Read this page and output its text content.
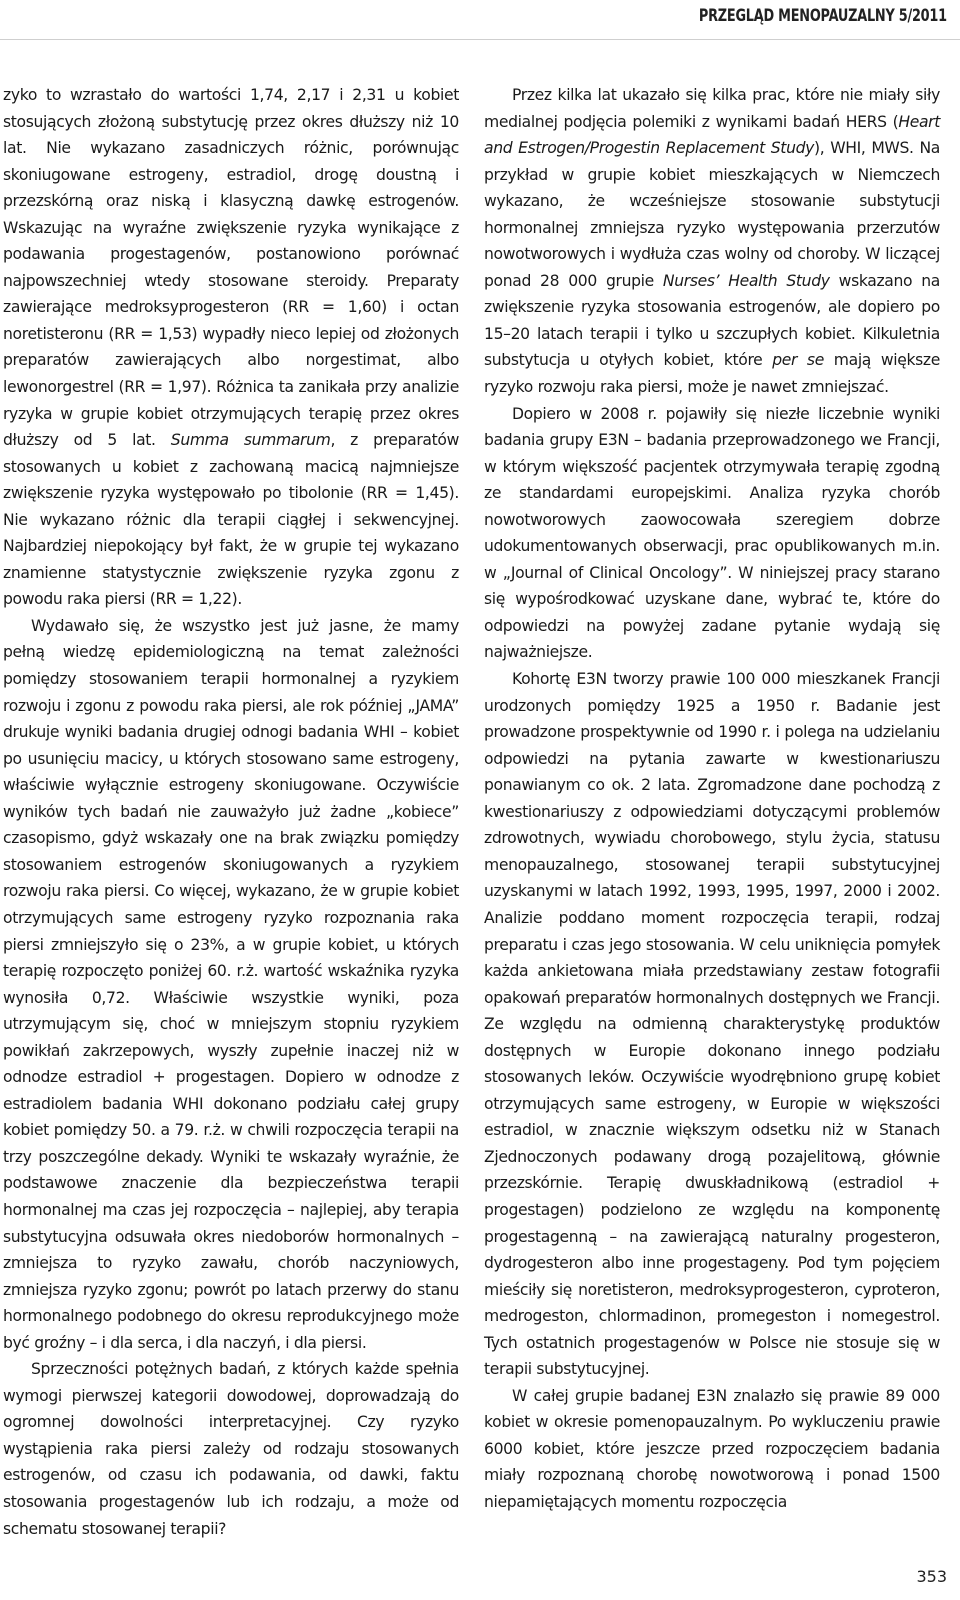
PRZEGLĄD MENOPAUZALNY 5/2011

zyko to wzrastało do wartości 1,74, 2,17 i 2,31 u kobiet stosujących złożoną substytucję przez okres dłuższy niż 10 lat. Nie wykazano zasadniczych różnic, porównując skoniugowane estrogeny, estradiol, drogę doustną i przezskórną oraz niską i klasyczną dawkę estrogenów. Wskazując na wyraźne zwiększenie ryzyka wynikające z podawania progestagenów, postanowiono porównać najpowszechniej wtedy stosowane steroidy. Preparaty zawierające medroksyprogesteron (RR = 1,60) i octan noretisteronu (RR = 1,53) wypadły nieco lepiej od złożonych preparatów zawierających albo norgestimat, albo lewonorgestrel (RR = 1,97). Różnica ta zanikała przy analizie ryzyka w grupie kobiet otrzymujących terapię przez okres dłuższy od 5 lat. Summa summarum, z preparatów stosowanych u kobiet z zachowaną macicą najmniejsze zwiększenie ryzyka występowało po tibolonie (RR = 1,45). Nie wykazano różnic dla terapii ciągłej i sekwencyjnej. Najbardziej niepokojący był fakt, że w grupie tej wykazano znamienne statystycznie zwiększenie ryzyka zgonu z powodu raka piersi (RR = 1,22).

Wydawało się, że wszystko jest już jasne, że mamy pełną wiedzę epidemiologiczną na temat zależności pomiędzy stosowaniem terapii hormonalnej a ryzykiem rozwoju i zgonu z powodu raka piersi, ale rok później „JAMA” drukuje wyniki badania drugiej odnogi badania WHI – kobiet po usunięciu macicy, u których stosowano same estrogeny, właściwie wyłącznie estrogeny skoniugowane. Oczywiście wyników tych badań nie zauważyło już żadne „kobiece” czasopismo, gdyż wskazały one na brak związku pomiędzy stosowaniem estrogenów skoniugowanych a ryzykiem rozwoju raka piersi. Co więcej, wykazano, że w grupie kobiet otrzymujących same estrogeny ryzyko rozpoznania raka piersi zmniejszyło się o 23%, a w grupie kobiet, u których terapię rozpoczęto poniżej 60. r.ż. wartość wskaźnika ryzyka wynosiła 0,72. Właściwie wszystkie wyniki, poza utrzymującym się, choć w mniejszym stopniu ryzykiem powikłań zakrzepowych, wyszły zupełnie inaczej niż w odnodze estradiol + progestagen. Dopiero w odnodze z estradiolem badania WHI dokonano podziału całej grupy kobiet pomiędzy 50. a 79. r.ż. w chwili rozpoczęcia terapii na trzy poszczególne dekady. Wyniki te wskazały wyraźnie, że podstawowe znaczenie dla bezpieczeństwa terapii hormonalnej ma czas jej rozpoczęcia – najlepiej, aby terapia substytucyjna odsuwała okres niedoborów hormonalnych – zmniejsza to ryzyko zawału, chorób naczyniowych, zmniejsza ryzyko zgonu; powrót po latach przerwy do stanu hormonalnego podobnego do okresu reprodukcyjnego może być groźny – i dla serca, i dla naczyń, i dla piersi.

Sprzeczności potężnych badań, z których każde spełnia wymogi pierwszej kategorii dowodowej, doprowadzają do ogromnej dowolności interpretacyjnej. Czy ryzyko wystąpienia raka piersi zależy od rodzaju stosowanych estrogenów, od czasu ich podawania, od dawki, faktu stosowania progestagenów lub ich rodzaju, a może od schematu stosowanej terapii?

Przez kilka lat ukazało się kilka prac, które nie miały siły medialnej podjęcia polemiki z wynikami badań HERS (Heart and Estrogen/Progestin Replacement Study), WHI, MWS. Na przykład w grupie kobiet mieszkających w Niemczech wykazano, że wcześniejsze stosowanie substytucji hormonalnej zmniejsza ryzyko występowania przerzutów nowotworowych i wydłuża czas wolny od choroby. W liczącej ponad 28 000 grupie Nurses’ Health Study wskazano na zwiększenie ryzyka stosowania estrogenów, ale dopiero po 15–20 latach terapii i tylko u szczupłych kobiet. Kilkuletnia substytucja u otyłych kobiet, które per se mają większe ryzyko rozwoju raka piersi, może je nawet zmniejszać.

Dopiero w 2008 r. pojawiły się niezłe liczebnie wyniki badania grupy E3N – badania przeprowadzonego we Francji, w którym większość pacjentek otrzymywała terapię zgodną ze standardami europejskimi. Analiza ryzyka chorób nowotworowych zaowocowała szeregiem dobrze udokumentowanych obserwacji, prac opublikowanych m.in. w „Journal of Clinical Oncology”. W niniejszej pracy starano się wypośrodkować uzyskane dane, wybrać te, które do odpowiedzi na powyżej zadane pytanie wydają się najważniejsze.

Kohortę E3N tworzy prawie 100 000 mieszkanek Francji urodzonych pomiędzy 1925 a 1950 r. Badanie jest prowadzone prospektywnie od 1990 r. i polega na udzielaniu odpowiedzi na pytania zawarte w kwestionariuszu ponawianym co ok. 2 lata. Zgromadzone dane pochodzą z kwestionariuszy z odpowiedziami dotyczącymi problemów zdrowotnych, wywiadu chorobowego, stylu życia, statusu menopauzalnego, stosowanej terapii substytucyjnej uzyskanymi w latach 1992, 1993, 1995, 1997, 2000 i 2002. Analizie poddano moment rozpoczęcia terapii, rodzaj preparatu i czas jego stosowania. W celu uniknięcia pomyłek każda ankietowana miała przedstawiany zestaw fotografii opakowań preparatów hormonalnych dostępnych we Francji. Ze względu na odmienną charakterystykę produktów dostępnych w Europie dokonano innego podziału stosowanych leków. Oczywiście wyodrębniono grupę kobiet otrzymujących same estrogeny, w Europie w większości estradiol, w znacznie większym odsetku niż w Stanach Zjednoczonych podawany drogą pozajelitową, głównie przezskórnie. Terapię dwuskładnikową (estradiol + progestagen) podzielono ze względu na komponentę progestagenną – na zawierającą naturalny progesteron, dydrogesteron albo inne progestageny. Pod tym pojęciem mieściły się noretisteron, medroksyprogesteron, cyproteron, medrogeston, chlormadinon, promegeston i nomegestrol. Tych ostatnich progestagenów w Polsce nie stosuje się w terapii substytucyjnej.

W całej grupie badanej E3N znalazło się prawie 89 000 kobiet w okresie pomenopauzalnym. Po wykluczeniu prawie 6000 kobiet, które jeszcze przed rozpoczęciem badania miały rozpoznaną chorobę nowotworową i ponad 1500 niepamiętających momentu rozpoczęcia

353
